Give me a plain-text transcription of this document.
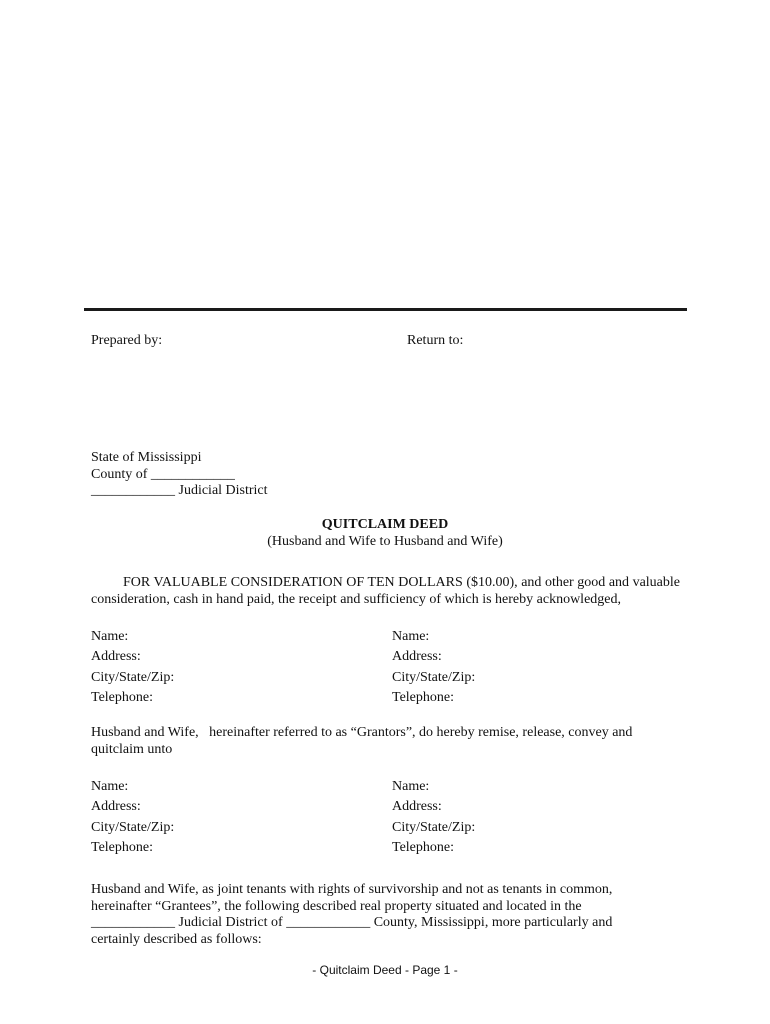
Prepared by:	Return to:
State of Mississippi
County of ____________
____________ Judicial District
QUITCLAIM DEED
(Husband and Wife to Husband and Wife)
FOR VALUABLE CONSIDERATION OF TEN DOLLARS ($10.00), and other good and valuable consideration, cash in hand paid, the receipt and sufficiency of which is hereby acknowledged,
Name:
Address:
City/State/Zip:
Telephone:
Name:
Address:
City/State/Zip:
Telephone:
Husband and Wife,   hereinafter referred to as “Grantors”, do hereby remise, release, convey and quitclaim unto
Name:
Address:
City/State/Zip:
Telephone:
Name:
Address:
City/State/Zip:
Telephone:
Husband and Wife, as joint tenants with rights of survivorship and not as tenants in common, hereinafter “Grantees”, the following described real property situated and located in the ____________ Judicial District of ____________ County, Mississippi, more particularly and certainly described as follows:
- Quitclaim Deed - Page 1 -
